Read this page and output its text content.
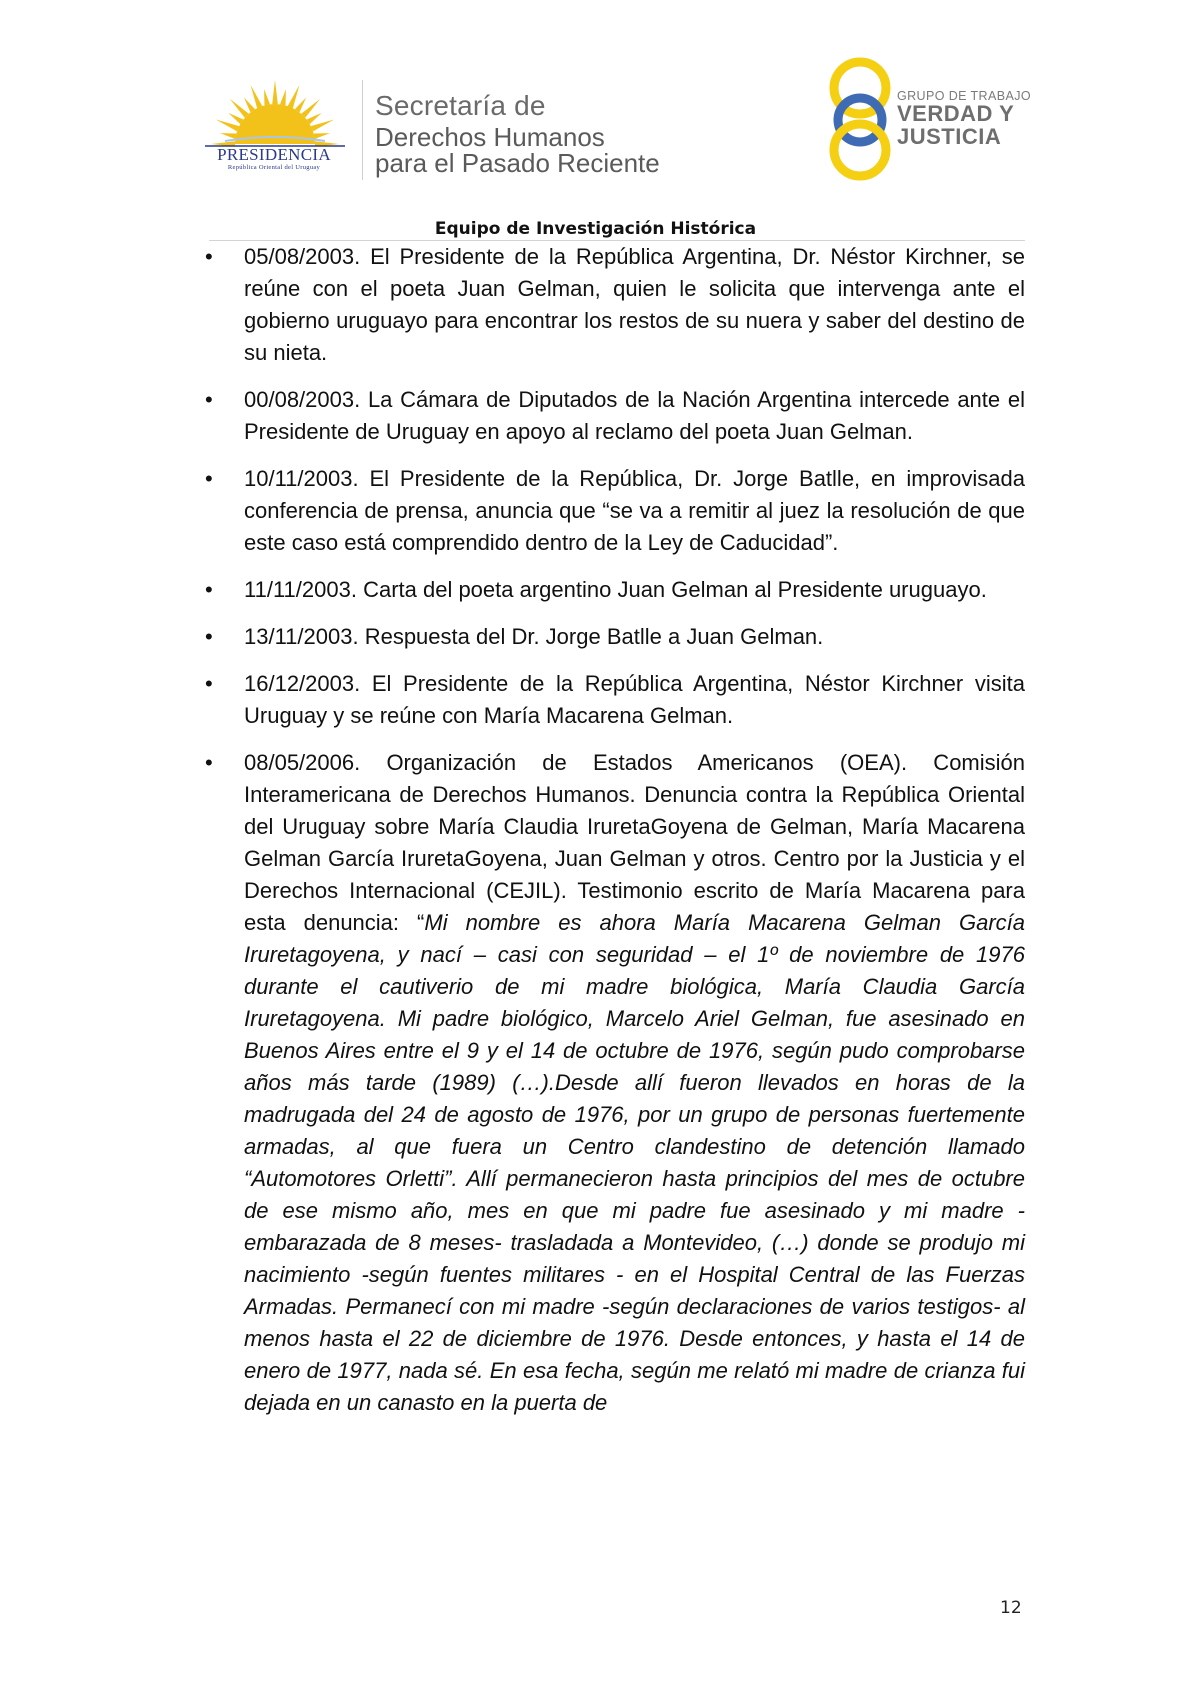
PRESIDENCIA
República Oriental del Uruguay
Secretaría de
Derechos Humanos
para el Pasado Reciente
GRUPO DE TRABAJO
VERDAD Y
JUSTICIA
Equipo de Investigación Histórica
• 05/08/2003. El Presidente de la República Argentina, Dr. Néstor Kirchner, se reúne con el poeta Juan Gelman, quien le solicita que intervenga ante el gobierno uruguayo para encontrar los restos de su nuera y saber del destino de su nieta.
• 00/08/2003. La Cámara de Diputados de la Nación Argentina intercede ante el Presidente de Uruguay en apoyo al reclamo del poeta Juan Gelman.
• 10/11/2003. El Presidente de la República, Dr. Jorge Batlle, en improvisada conferencia de prensa, anuncia que “se va a remitir al juez la resolución de que este caso está comprendido dentro de la Ley de Caducidad”.
• 11/11/2003. Carta del poeta argentino Juan Gelman al Presidente uruguayo.
• 13/11/2003. Respuesta del Dr. Jorge Batlle a Juan Gelman.
• 16/12/2003. El Presidente de la República Argentina, Néstor Kirchner visita Uruguay y se reúne con María Macarena Gelman.
• 08/05/2006. Organización de Estados Americanos (OEA). Comisión Interamericana de Derechos Humanos. Denuncia contra la República Oriental del Uruguay sobre María Claudia IruretaGoyena de Gelman, María Macarena Gelman García IruretaGoyena, Juan Gelman y otros. Centro por la Justicia y el Derechos Internacional (CEJIL). Testimonio escrito de María Macarena para esta denuncia: “Mi nombre es ahora María Macarena Gelman García Iruretagoyena, y nací – casi con seguridad – el 1º de noviembre de 1976 durante el cautiverio de mi madre biológica, María Claudia García Iruretagoyena. Mi padre biológico, Marcelo Ariel Gelman, fue asesinado en Buenos Aires entre el 9 y el 14 de octubre de 1976, según pudo comprobarse años más tarde (1989) (…).Desde allí fueron llevados en horas de la madrugada del 24 de agosto de 1976, por un grupo de personas fuertemente armadas, al que fuera un Centro clandestino de detención llamado “Automotores Orletti”. Allí permanecieron hasta principios del mes de octubre de ese mismo año, mes en que mi padre fue asesinado y mi madre -embarazada de 8 meses- trasladada a Montevideo, (…) donde se produjo mi nacimiento -según fuentes militares - en el Hospital Central de las Fuerzas Armadas. Permanecí con mi madre -según declaraciones de varios testigos- al menos hasta el 22 de diciembre de 1976. Desde entonces, y hasta el 14 de enero de 1977, nada sé. En esa fecha, según me relató mi madre de crianza fui dejada en un canasto en la puerta de
12
